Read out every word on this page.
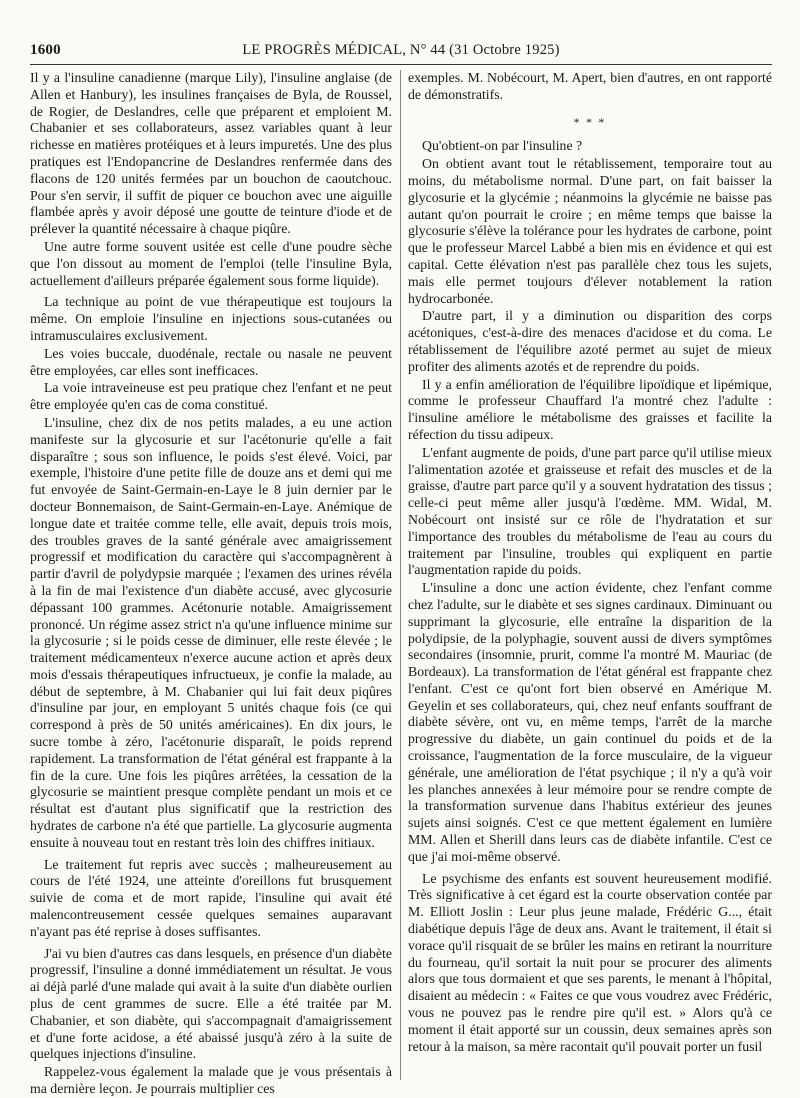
1600	LE PROGRÈS MÉDICAL, N° 44 (31 Octobre 1925)

Il y a l'insuline canadienne (marque Lily), l'insuline anglaise (de Allen et Hanbury), les insulines françaises de Byla, de Roussel, de Rogier, de Deslandres, celle que préparent et emploient M. Chabanier et ses collaborateurs, assez variables quant à leur richesse en matières protéiques et à leurs impuretés. Une des plus pratiques est l'Endopancrine de Deslandres renfermée dans des flacons de 120 unités fermées par un bouchon de caoutchouc. Pour s'en servir, il suffit de piquer ce bouchon avec une aiguille flambée après y avoir déposé une goutte de teinture d'iode et de prélever la quantité nécessaire à chaque piqûre.

Une autre forme souvent usitée est celle d'une poudre sèche que l'on dissout au moment de l'emploi (telle l'insuline Byla, actuellement d'ailleurs préparée également sous forme liquide).

La technique au point de vue thérapeutique est toujours la même. On emploie l'insuline en injections sous-cutanées ou intramusculaires exclusivement.

Les voies buccale, duodénale, rectale ou nasale ne peuvent être employées, car elles sont inefficaces.

La voie intraveineuse est peu pratique chez l'enfant et ne peut être employée qu'en cas de coma constitué.

L'insuline, chez dix de nos petits malades, a eu une action manifeste sur la glycosurie et sur l'acétonurie qu'elle a fait disparaître ; sous son influence, le poids s'est élevé. Voici, par exemple, l'histoire d'une petite fille de douze ans et demi qui me fut envoyée de Saint-Germain-en-Laye le 8 juin dernier par le docteur Bonnemaison, de Saint-Germain-en-Laye. Anémique de longue date et traitée comme telle, elle avait, depuis trois mois, des troubles graves de la santé générale avec amaigrissement progressif et modification du caractère qui s'accompagnèrent à partir d'avril de polydypsie marquée ; l'examen des urines révéla à la fin de mai l'existence d'un diabète accusé, avec glycosurie dépassant 100 grammes. Acétonurie notable. Amaigrissement prononcé. Un régime assez strict n'a qu'une influence minime sur la glycosurie ; si le poids cesse de diminuer, elle reste élevée ; le traitement médicamenteux n'exerce aucune action et après deux mois d'essais thérapeutiques infructueux, je confie la malade, au début de septembre, à M. Chabanier qui lui fait deux piqûres d'insuline par jour, en employant 5 unités chaque fois (ce qui correspond à près de 50 unités américaines). En dix jours, le sucre tombe à zéro, l'acétonurie disparaît, le poids reprend rapidement. La transformation de l'état général est frappante à la fin de la cure. Une fois les piqûres arrêtées, la cessation de la glycosurie se maintient presque complète pendant un mois et ce résultat est d'autant plus significatif que la restriction des hydrates de carbone n'a été que partielle. La glycosurie augmenta ensuite à nouveau tout en restant très loin des chiffres initiaux.

Le traitement fut repris avec succès ; malheureusement au cours de l'été 1924, une atteinte d'oreillons fut brusquement suivie de coma et de mort rapide, l'insuline qui avait été malencontreusement cessée quelques semaines auparavant n'ayant pas été reprise à doses suffisantes.

J'ai vu bien d'autres cas dans lesquels, en présence d'un diabète progressif, l'insuline a donné immédiatement un résultat. Je vous ai déjà parlé d'une malade qui avait à la suite d'un diabète ourlien plus de cent grammes de sucre. Elle a été traitée par M. Chabanier, et son diabète, qui s'accompagnait d'amaigrissement et d'une forte acidose, a été abaissé jusqu'à zéro à la suite de quelques injections d'insuline.

Rappelez-vous également la malade que je vous présentais à ma dernière leçon. Je pourrais multiplier ces

exemples. M. Nobécourt, M. Apert, bien d'autres, en ont rapporté de démonstratifs.

* * *

Qu'obtient-on par l'insuline ?

On obtient avant tout le rétablissement, temporaire tout au moins, du métabolisme normal. D'une part, on fait baisser la glycosurie et la glycémie ; néanmoins la glycémie ne baisse pas autant qu'on pourrait le croire ; en même temps que baisse la glycosurie s'élève la tolérance pour les hydrates de carbone, point que le professeur Marcel Labbé a bien mis en évidence et qui est capital. Cette élévation n'est pas parallèle chez tous les sujets, mais elle permet toujours d'élever notablement la ration hydrocarbonée.

D'autre part, il y a diminution ou disparition des corps acétoniques, c'est-à-dire des menaces d'acidose et du coma. Le rétablissement de l'équilibre azoté permet au sujet de mieux profiter des aliments azotés et de reprendre du poids.

Il y a enfin amélioration de l'équilibre lipoïdique et lipémique, comme le professeur Chauffard l'a montré chez l'adulte : l'insuline améliore le métabolisme des graisses et facilite la réfection du tissu adipeux.

L'enfant augmente de poids, d'une part parce qu'il utilise mieux l'alimentation azotée et graisseuse et refait des muscles et de la graisse, d'autre part parce qu'il y a souvent hydratation des tissus ; celle-ci peut même aller jusqu'à l'œdème. MM. Widal, M. Nobécourt ont insisté sur ce rôle de l'hydratation et sur l'importance des troubles du métabolisme de l'eau au cours du traitement par l'insuline, troubles qui expliquent en partie l'augmentation rapide du poids.

L'insuline a donc une action évidente, chez l'enfant comme chez l'adulte, sur le diabète et ses signes cardinaux. Diminuant ou supprimant la glycosurie, elle entraîne la disparition de la polydipsie, de la polyphagie, souvent aussi de divers symptômes secondaires (insomnie, prurit, comme l'a montré M. Mauriac (de Bordeaux). La transformation de l'état général est frappante chez l'enfant. C'est ce qu'ont fort bien observé en Amérique M. Geyelin et ses collaborateurs, qui, chez neuf enfants souffrant de diabète sévère, ont vu, en même temps, l'arrêt de la marche progressive du diabète, un gain continuel du poids et de la croissance, l'augmentation de la force musculaire, de la vigueur générale, une amélioration de l'état psychique ; il n'y a qu'à voir les planches annexées à leur mémoire pour se rendre compte de la transformation survenue dans l'habitus extérieur des jeunes sujets ainsi soignés. C'est ce que mettent également en lumière MM. Allen et Sherill dans leurs cas de diabète infantile. C'est ce que j'ai moi-même observé.

Le psychisme des enfants est souvent heureusement modifié. Très significative à cet égard est la courte observation contée par M. Elliott Joslin : Leur plus jeune malade, Frédéric G..., était diabétique depuis l'âge de deux ans. Avant le traitement, il était si vorace qu'il risquait de se brûler les mains en retirant la nourriture du fourneau, qu'il sortait la nuit pour se procurer des aliments alors que tous dormaient et que ses parents, le menant à l'hôpital, disaient au médecin : « Faites ce que vous voudrez avec Frédéric, vous ne pouvez pas le rendre pire qu'il est. » Alors qu'à ce moment il était apporté sur un coussin, deux semaines après son retour à la maison, sa mère racontait qu'il pouvait porter un fusil
